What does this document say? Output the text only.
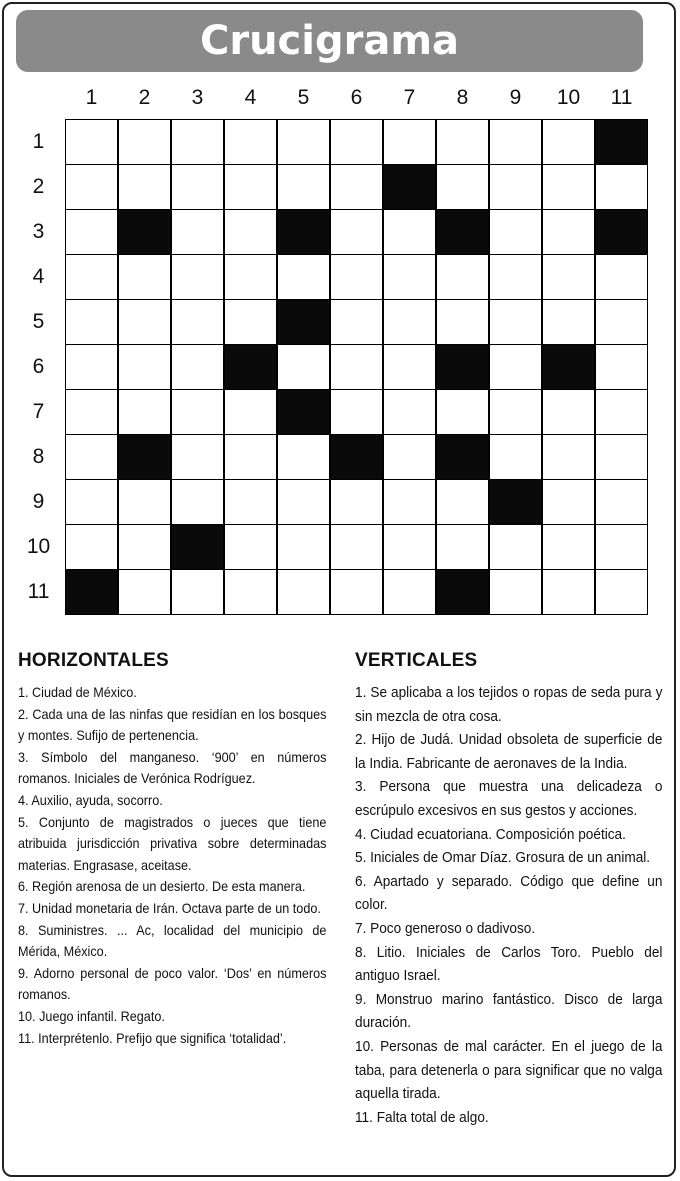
Crucigrama
1	2	3	4	5	6	7	8	9	10	11
1
2
3
4
5
6
7
8
9
10
11
HORIZONTALES
1. Ciudad de México.
2. Cada una de las ninfas que residían en los bosques y montes. Sufijo de pertenencia.
3. Símbolo del manganeso. ‘900’ en números romanos. Iniciales de Verónica Rodríguez.
4. Auxilio, ayuda, socorro.
5. Conjunto de magistrados o jueces que tiene atribuida jurisdicción privativa sobre determinadas materias. Engrasase, aceitase.
6. Región arenosa de un desierto. De esta manera.
7. Unidad monetaria de Irán. Octava parte de un todo.
8. Suministres. ... Ac, localidad del municipio de Mérida, México.
9. Adorno personal de poco valor. ‘Dos’ en números romanos.
10. Juego infantil. Regato.
11. Interprétenlo. Prefijo que significa ‘totalidad’.
VERTICALES
1. Se aplicaba a los tejidos o ropas de seda pura y sin mezcla de otra cosa.
2. Hijo de Judá. Unidad obsoleta de superficie de la India. Fabricante de aeronaves de la India.
3. Persona que muestra una delicadeza o escrúpulo excesivos en sus gestos y acciones.
4. Ciudad ecuatoriana. Composición poética.
5. Iniciales de Omar Díaz. Grosura de un animal.
6. Apartado y separado. Código que define un color.
7. Poco generoso o dadivoso.
8. Litio. Iniciales de Carlos Toro. Pueblo del antiguo Israel.
9. Monstruo marino fantástico. Disco de larga duración.
10. Personas de mal carácter. En el juego de la taba, para detenerla o para significar que no valga aquella tirada.
11. Falta total de algo.
